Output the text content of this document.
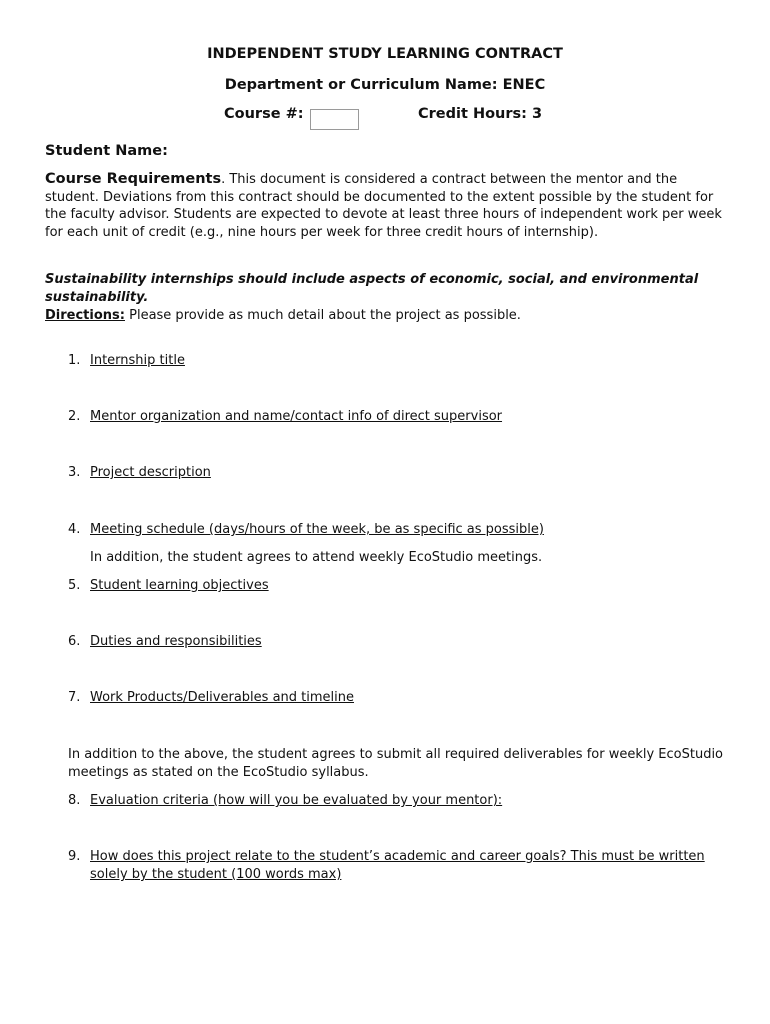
INDEPENDENT STUDY LEARNING CONTRACT
Department or Curriculum Name: ENEC
Course #:	Credit Hours: 3
Student Name:
Course Requirements. This document is considered a contract between the mentor and the student. Deviations from this contract should be documented to the extent possible by the student for the faculty advisor. Students are expected to devote at least three hours of independent work per week for each unit of credit (e.g., nine hours per week for three credit hours of internship).
Sustainability internships should include aspects of economic, social, and environmental sustainability.
Directions: Please provide as much detail about the project as possible.
1. Internship title
2. Mentor organization and name/contact info of direct supervisor
3. Project description
4. Meeting schedule (days/hours of the week, be as specific as possible)
In addition, the student agrees to attend weekly EcoStudio meetings.
5. Student learning objectives
6. Duties and responsibilities
7. Work Products/Deliverables and timeline
In addition to the above, the student agrees to submit all required deliverables for weekly EcoStudio meetings as stated on the EcoStudio syllabus.
8. Evaluation criteria (how will you be evaluated by your mentor):
9. How does this project relate to the student’s academic and career goals? This must be written solely by the student (100 words max)
